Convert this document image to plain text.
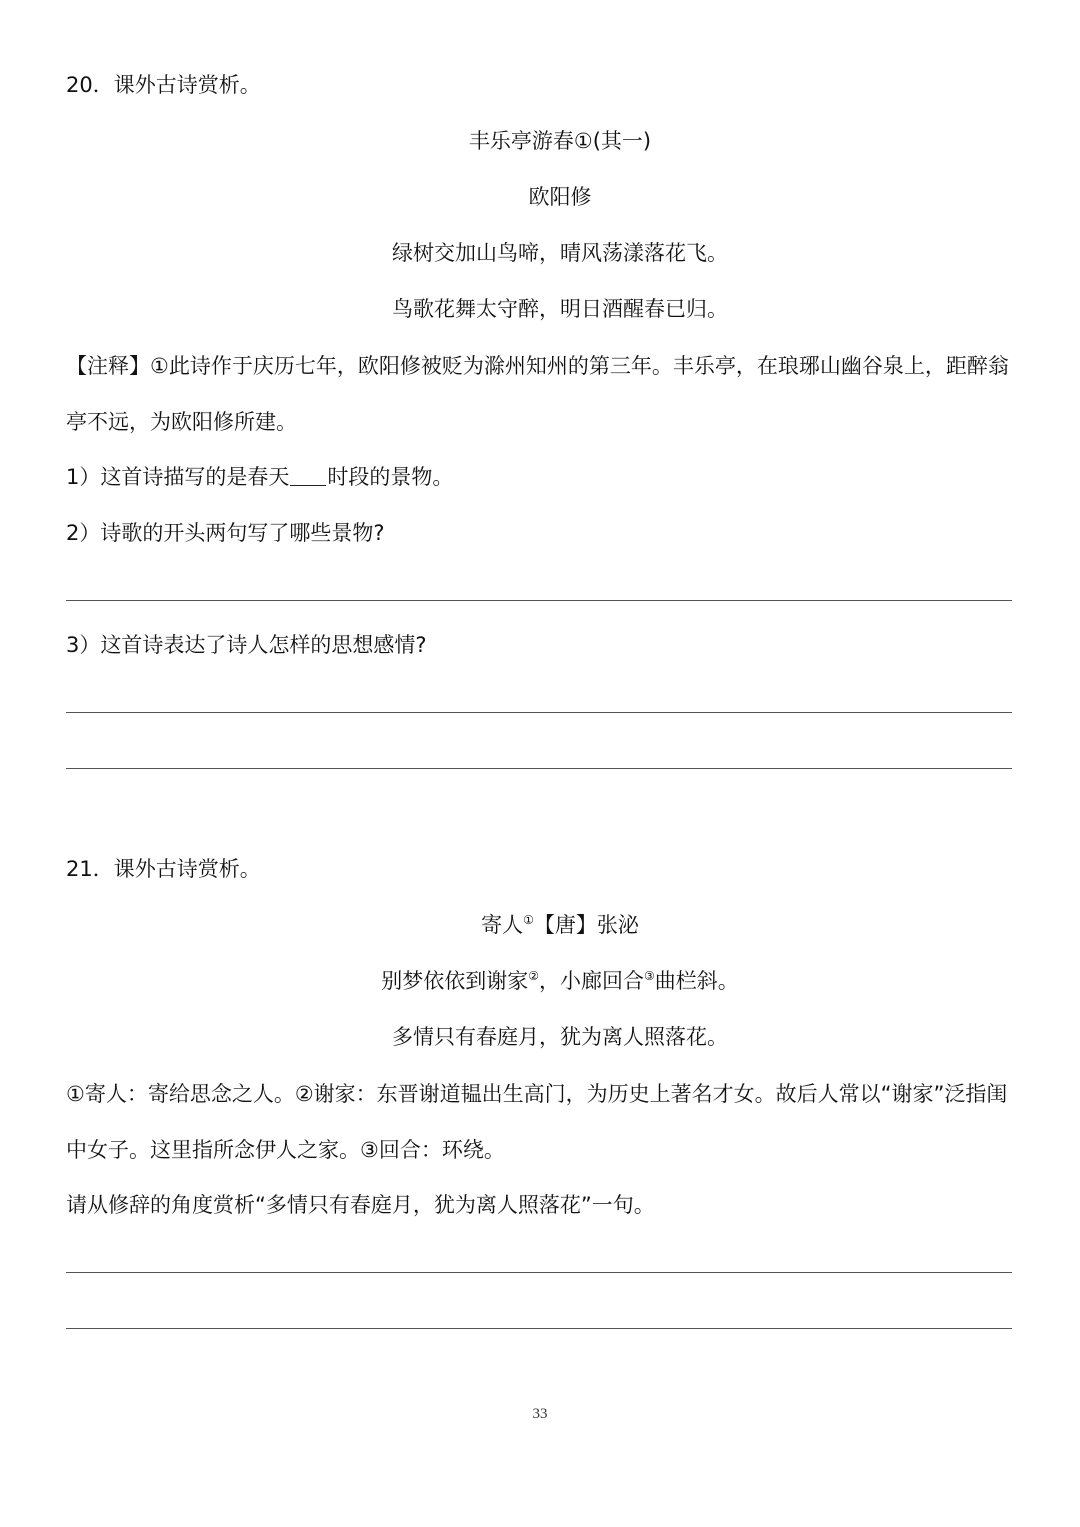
20．课外古诗赏析。
丰乐亭游春①(其一)
欧阳修
绿树交加山鸟啼，晴风荡漾落花飞。
鸟歌花舞太守醉，明日酒醒春已归。
【注释】①此诗作于庆历七年，欧阳修被贬为滁州知州的第三年。丰乐亭，在琅琊山幽谷泉上，距醉翁亭不远，为欧阳修所建。
1）这首诗描写的是春天 时段的景物。
2）诗歌的开头两句写了哪些景物?
3）这首诗表达了诗人怎样的思想感情?
21．课外古诗赏析。
寄人①【唐】张泌
别梦依依到谢家②，小廊回合③曲栏斜。
多情只有春庭月，犹为离人照落花。
①寄人：寄给思念之人。②谢家：东晋谢道韫出生高门，为历史上著名才女。故后人常以“谢家”泛指闺中女子。这里指所念伊人之家。③回合：环绕。
请从修辞的角度赏析“多情只有春庭月，犹为离人照落花”一句。
33
